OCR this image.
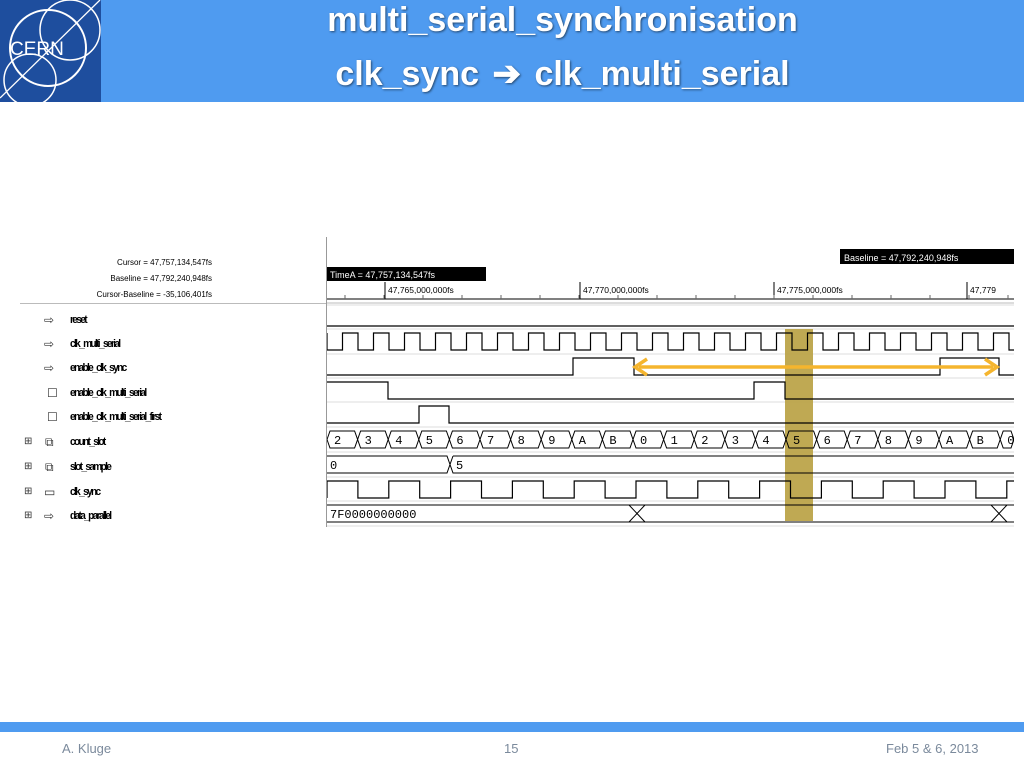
CERN
multi_serial_synchronisation
clk_sync ➔ clk_multi_serial
Cursor = 47,757,134,547fs
Baseline = 47,792,240,948fs
Cursor-Baseline = -35,106,401fs
⇨ reset
⇨ clk_multi_serial
⇨ enable_clk_sync
☐ enable_clk_multi_serial
☐ enable_clk_multi_serial_first
⊞ ⧉ count_slot
⊞ ⧉ slot_sample
⊞ ▭ clk_sync
⊞ ⇨ data_parallel
TimeA = 47,757,134,547fs
Baseline = 47,792,240,948fs
47,765,000,000fs	47,770,000,000fs	47,775,000,000fs	47,779
2 3 4 5 6 7 8 9 A B 0 1 2 3 4 5 6 7 8 9 A B 0
0	5
7F0000000000
A. Kluge	15	Feb 5 & 6, 2013
